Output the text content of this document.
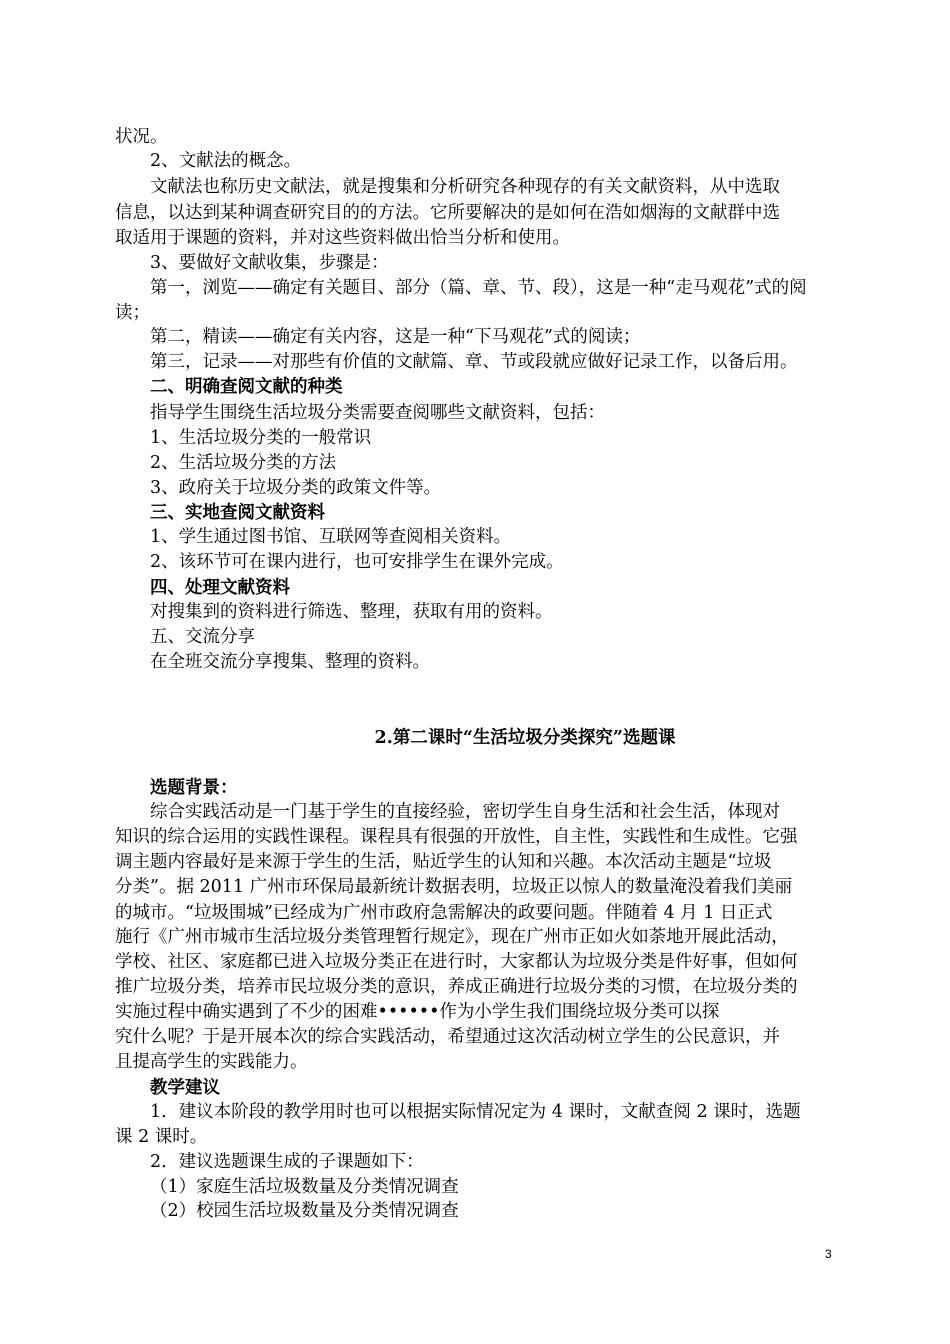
状况。
2、文献法的概念。
文献法也称历史文献法，就是搜集和分析研究各种现存的有关文献资料，从中选取
信息，以达到某种调查研究目的的方法。它所要解决的是如何在浩如烟海的文献群中选
取适用于课题的资料，并对这些资料做出恰当分析和使用。
3、要做好文献收集，步骤是：
第一，浏览——确定有关题目、部分（篇、章、节、段），这是一种“走马观花”式的阅
读；
第二，精读——确定有关内容，这是一种“下马观花”式的阅读；
第三，记录——对那些有价值的文献篇、章、节或段就应做好记录工作，以备后用。
二、明确查阅文献的种类
指导学生围绕生活垃圾分类需要查阅哪些文献资料，包括：
1、生活垃圾分类的一般常识
2、生活垃圾分类的方法
3、政府关于垃圾分类的政策文件等。
三、实地查阅文献资料
1、学生通过图书馆、互联网等查阅相关资料。
2、该环节可在课内进行，也可安排学生在课外完成。
四、处理文献资料
对搜集到的资料进行筛选、整理，获取有用的资料。
五、交流分享
在全班交流分享搜集、整理的资料。
2.第二课时“生活垃圾分类探究”选题课
选题背景：
综合实践活动是一门基于学生的直接经验，密切学生自身生活和社会生活，体现对
知识的综合运用的实践性课程。课程具有很强的开放性，自主性，实践性和生成性。它强
调主题内容最好是来源于学生的生活，贴近学生的认知和兴趣。本次活动主题是“垃圾
分类”。据 2011 广州市环保局最新统计数据表明，垃圾正以惊人的数量淹没着我们美丽
的城市。“垃圾围城”已经成为广州市政府急需解决的政要问题。伴随着 4 月 1 日正式
施行《广州市城市生活垃圾分类管理暂行规定》，现在广州市正如火如荼地开展此活动，
学校、社区、家庭都已进入垃圾分类正在进行时，大家都认为垃圾分类是件好事，但如何
推广垃圾分类，培养市民垃圾分类的意识，养成正确进行垃圾分类的习惯，在垃圾分类的
实施过程中确实遇到了不少的困难••••••作为小学生我们围绕垃圾分类可以探
究什么呢？于是开展本次的综合实践活动，希望通过这次活动树立学生的公民意识，并
且提高学生的实践能力。
教学建议
1．建议本阶段的教学用时也可以根据实际情况定为 4 课时，文献查阅 2 课时，选题
课 2 课时。
2．建议选题课生成的子课题如下：
（1）家庭生活垃圾数量及分类情况调查
（2）校园生活垃圾数量及分类情况调查
3
